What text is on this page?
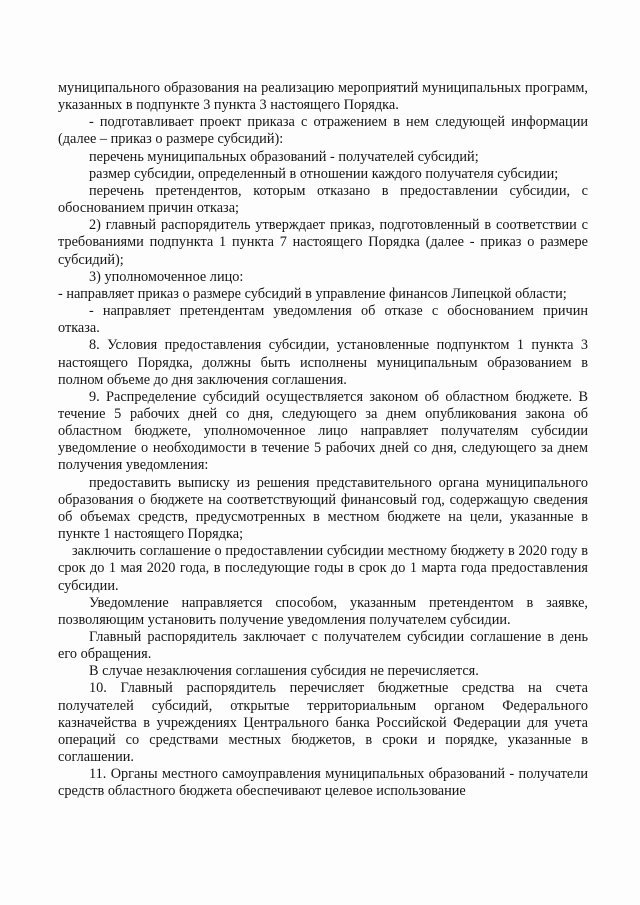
муниципального образования на реализацию мероприятий муниципальных программ, указанных в подпункте 3 пункта 3 настоящего Порядка.

- подготавливает проект приказа с отражением в нем следующей информации (далее – приказ о размере субсидий):

перечень муниципальных образований - получателей субсидий;

размер субсидии, определенный в отношении каждого получателя субсидии;

перечень претендентов, которым отказано в предоставлении субсидии, с обоснованием причин отказа;

2) главный распорядитель утверждает приказ, подготовленный в соответствии с требованиями подпункта 1 пункта 7 настоящего Порядка (далее - приказ о размере субсидий);

3) уполномоченное лицо:

- направляет приказ о размере субсидий в управление финансов Липецкой области;

- направляет претендентам уведомления об отказе с обоснованием причин отказа.

8. Условия предоставления субсидии, установленные подпунктом 1 пункта 3 настоящего Порядка, должны быть исполнены муниципальным образованием в полном объеме до дня заключения соглашения.

9. Распределение субсидий осуществляется законом об областном бюджете. В течение 5 рабочих дней со дня, следующего за днем опубликования закона об областном бюджете, уполномоченное лицо направляет получателям субсидии уведомление о необходимости в течение 5 рабочих дней со дня, следующего за днем получения уведомления:

предоставить выписку из решения представительного органа муниципального образования о бюджете на соответствующий финансовый год, содержащую сведения об объемах средств, предусмотренных в местном бюджете на цели, указанные в пункте 1 настоящего Порядка;

заключить соглашение о предоставлении субсидии местному бюджету в 2020 году в срок до 1 мая 2020 года, в последующие годы в срок до 1 марта года предоставления субсидии.

Уведомление направляется способом, указанным претендентом в заявке, позволяющим установить получение уведомления получателем субсидии.

Главный распорядитель заключает с получателем субсидии соглашение в день его обращения.

В случае незаключения соглашения субсидия не перечисляется.

10. Главный распорядитель перечисляет бюджетные средства на счета получателей субсидий, открытые территориальным органом Федерального казначейства в учреждениях Центрального банка Российской Федерации для учета операций со средствами местных бюджетов, в сроки и порядке, указанные в соглашении.

11. Органы местного самоуправления муниципальных образований - получатели средств областного бюджета обеспечивают целевое использование
